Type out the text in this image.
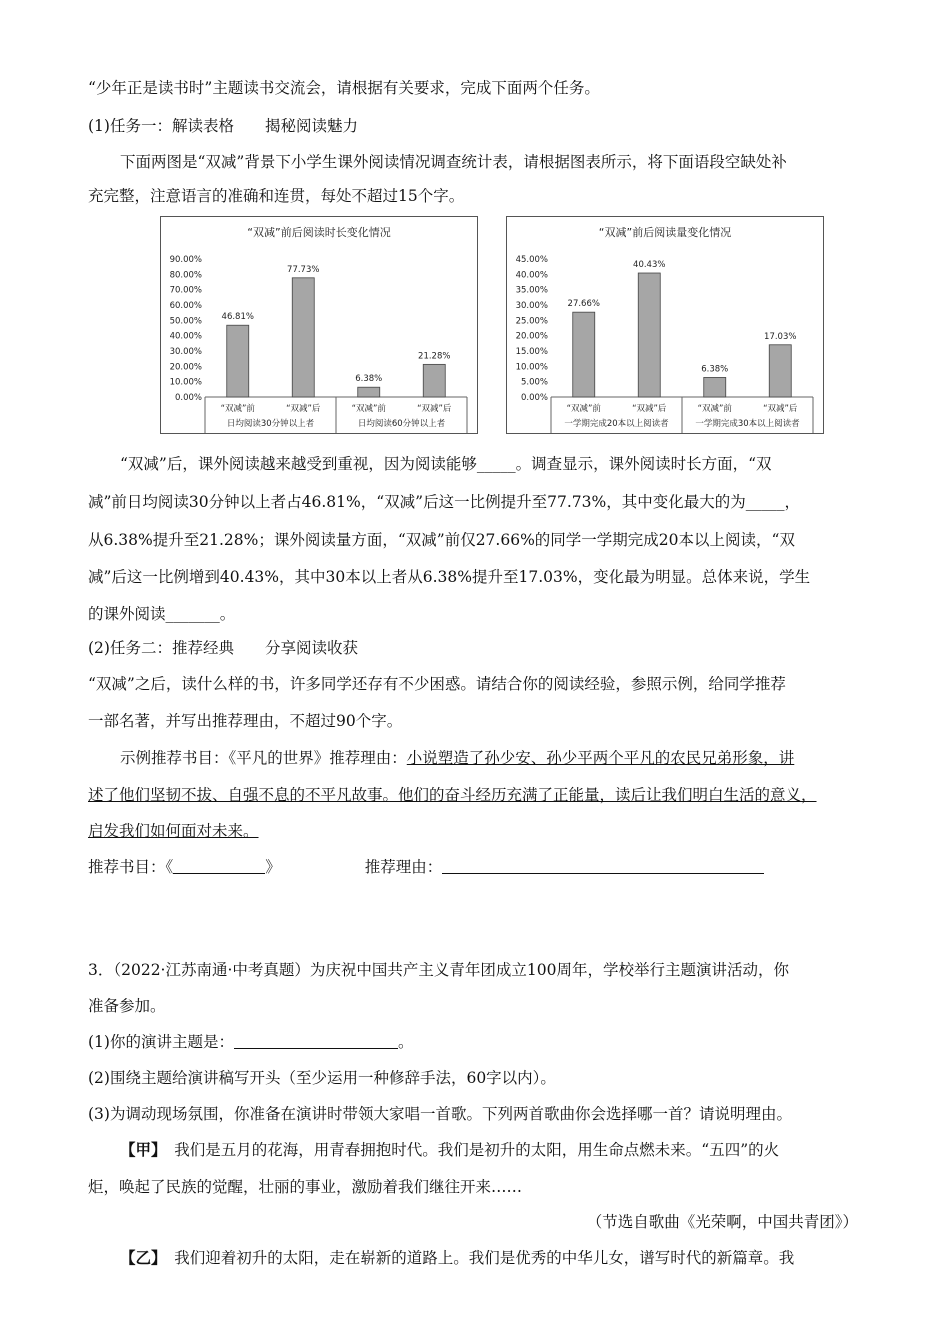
“少年正是读书时”主题读书交流会，请根据有关要求，完成下面两个任务。
(1)任务一：解读表格　　揭秘阅读魅力
下面两图是“双减”背景下小学生课外阅读情况调查统计表，请根据图表所示，将下面语段空缺处补
充完整，注意语言的准确和连贯，每处不超过15个字。
“双减”前后阅读时长变化情况
90.00%
80.00%
70.00%
60.00%
50.00%
40.00%
30.00%
20.00%
10.00%
0.00%
46.81%
“双减”前
77.73%
“双减”后
6.38%
“双减”前
21.28%
“双减”后
日均阅读30分钟以上者	日均阅读60分钟以上者
“双减”前后阅读量变化情况
45.00%
40.00%
35.00%
30.00%
25.00%
20.00%
15.00%
10.00%
5.00%
0.00%
27.66%
“双减”前
40.43%
“双减”后
6.38%
“双减”前
17.03%
“双减”后
一学期完成20本以上阅读者	一学期完成30本以上阅读者
“双减”后，课外阅读越来越受到重视，因为阅读能够_____。调查显示，课外阅读时长方面，“双
减”前日均阅读30分钟以上者占46.81%，“双减”后这一比例提升至77.73%，其中变化最大的为_____，
从6.38%提升至21.28%；课外阅读量方面，“双减”前仅27.66%的同学一学期完成20本以上阅读，“双
减”后这一比例增到40.43%，其中30本以上者从6.38%提升至17.03%，变化最为明显。总体来说，学生
的课外阅读_______。
(2)任务二：推荐经典　　分享阅读收获
“双减”之后，读什么样的书，许多同学还存有不少困惑。请结合你的阅读经验，参照示例，给同学推荐
一部名著，并写出推荐理由，不超过90个字。
示例推荐书目：《平凡的世界》推荐理由：小说塑造了孙少安、孙少平两个平凡的农民兄弟形象，讲
述了他们坚韧不拔、自强不息的不平凡故事。他们的奋斗经历充满了正能量，读后让我们明白生活的意义，
启发我们如何面对未来。
推荐书目：《	》	推荐理由：
3．（2022·江苏南通·中考真题）为庆祝中国共产主义青年团成立100周年，学校举行主题演讲活动，你
准备参加。
(1)你的演讲主题是：	。
(2)围绕主题给演讲稿写开头（至少运用一种修辞手法，60字以内）。
(3)为调动现场氛围，你准备在演讲时带领大家唱一首歌。下列两首歌曲你会选择哪一首？请说明理由。
【甲】　我们是五月的花海，用青春拥抱时代。我们是初升的太阳，用生命点燃未来。“五四”的火
炬，唤起了民族的觉醒，壮丽的事业，激励着我们继往开来……
（节选自歌曲《光荣啊，中国共青团》）
【乙】　我们迎着初升的太阳，走在崭新的道路上。我们是优秀的中华儿女，谱写时代的新篇章。我
